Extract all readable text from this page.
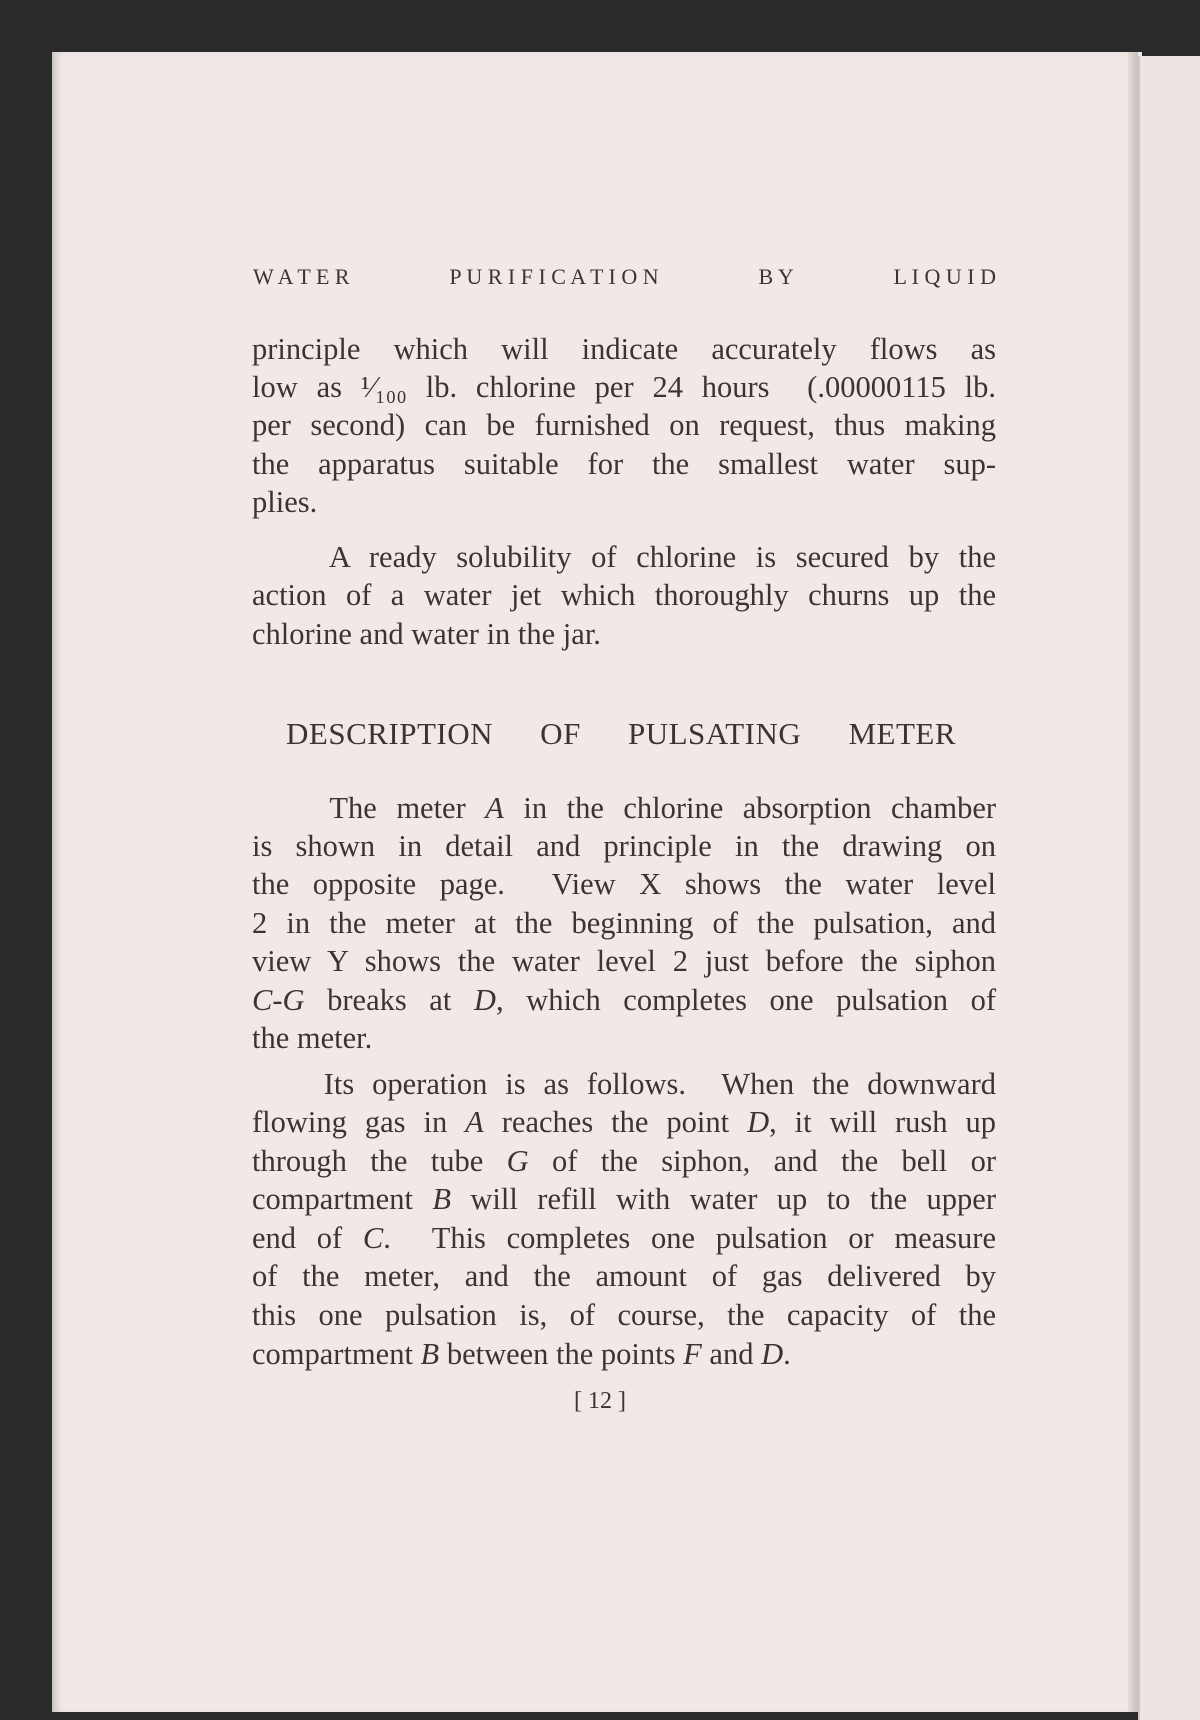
W A T E R	P U R I F I C A T I O N	B Y	L I Q U I D
principle which will indicate accurately flows as
low as ¹⁄₁₀₀ lb. chlorine per 24 hours  (.00000115 lb.
per second) can be furnished on request, thus making
the apparatus suitable for the smallest water sup-
plies.
A ready solubility of chlorine is secured by the
action of a water jet which thoroughly churns up the
chlorine and water in the jar.
The meter A in the chlorine absorption chamber
is shown in detail and principle in the drawing on
the opposite page.  View X shows the water level
2 in the meter at the beginning of the pulsation, and
view Y shows the water level 2 just before the siphon
C-G breaks at D, which completes one pulsation of
the meter.
Its operation is as follows.  When the downward
flowing gas in A reaches the point D, it will rush up
through the tube G of the siphon, and the bell or
compartment B will refill with water up to the upper
end of C.  This completes one pulsation or measure
of the meter, and the amount of gas delivered by
this one pulsation is, of course, the capacity of the
compartment B between the points F and D.
DESCRIPTION OF PULSATING METER
[ 12 ]
